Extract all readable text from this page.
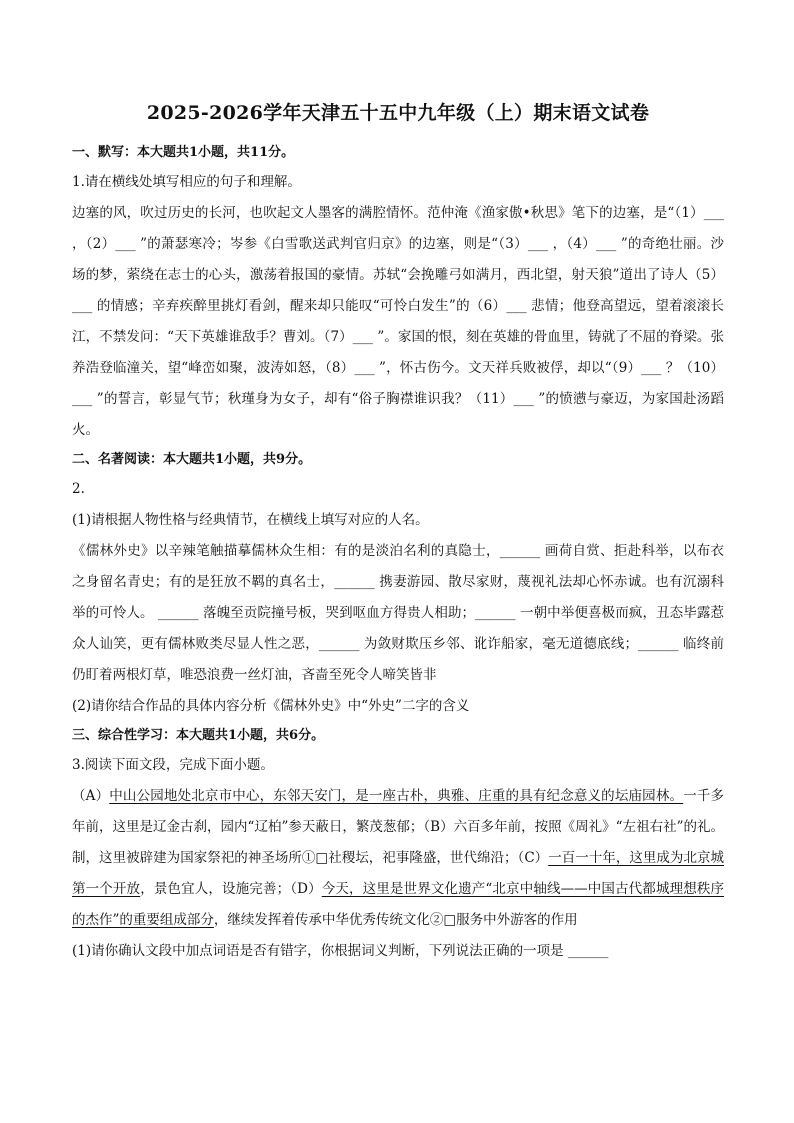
2025-2026学年天津五十五中九年级（上）期末语文试卷
一、默写：本大题共1小题，共11分。

1.请在横线处填写相应的句子和理解。

边塞的风，吹过历史的长河，也吹起文人墨客的满腔情怀。范仲淹《渔家傲•秋思》笔下的边塞，是“（1）___ ，（2）___ ”的萧瑟寒冷；岑参《白雪歌送武判官归京》的边塞，则是“（3）___ ，（4）___ ”的奇绝壮丽。沙场的梦，萦绕在志士的心头，激荡着报国的豪情。苏轼“会挽雕弓如满月，西北望，射天狼”道出了诗人（5）___ 的情感；辛弃疾醉里挑灯看剑，醒来却只能叹“可怜白发生”的（6）___ 悲情；他登高望远，望着滚滚长江，不禁发问：“天下英雄谁敌手？曹刘。（7）___ ”。家国的恨，刻在英雄的骨血里，铸就了不屈的脊梁。张养浩登临潼关，望“峰峦如聚，波涛如怒，（8）___ ”，怀古伤今。文天祥兵败被俘，却以“（9）___ ？（10）___ ”的誓言，彰显气节；秋瑾身为女子，却有“俗子胸襟谁识我？（11）___ ”的愤懑与豪迈，为家国赴汤蹈火。

二、名著阅读：本大题共1小题，共9分。

2.

(1)请根据人物性格与经典情节，在横线上填写对应的人名。

《儒林外史》以辛辣笔触描摹儒林众生相：有的是淡泊名利的真隐士，______ 画荷自赏、拒赴科举，以布衣之身留名青史；有的是狂放不羁的真名士，______ 携妻游园、散尽家财，蔑视礼法却心怀赤诚。也有沉溺科举的可怜人。 ______ 落魄至贡院撞号板，哭到呕血方得贵人相助；______ 一朝中举便喜极而疯，丑态毕露惹众人讪笑，更有儒林败类尽显人性之恶，______ 为敛财欺压乡邻、讹诈船家，毫无道德底线；______ 临终前仍盯着两根灯草，唯恐浪费一丝灯油，吝啬至死令人啼笑皆非

(2)请你结合作品的具体内容分析《儒林外史》中“外史”二字的含义

三、综合性学习：本大题共1小题，共6分。

3.阅读下面文段，完成下面小题。

（A）中山公园地处北京市中心，东邻天安门，是一座古朴，典雅、庄重的具有纪念意义的坛庙园林。一千多年前，这里是辽金古刹，园内“辽柏”参天蔽日，繁茂葱郁；（B）六百多年前，按照《周礼》“左祖右社”的礼。制，这里被辟建为国家祭祀的神圣场所①□社稷坛，祀事隆盛，世代绵沿；（C）一百一十年，这里成为北京城第一个开放，景色宜人，设施完善；（D）今天，这里是世界文化遗产“北京中轴线——中国古代都城理想秩序的杰作”的重要组成部分，继续发挥着传承中华优秀传统文化②□服务中外游客的作用

(1)请你确认文段中加点词语是否有错字，你根据词义判断，下列说法正确的一项是 ______
